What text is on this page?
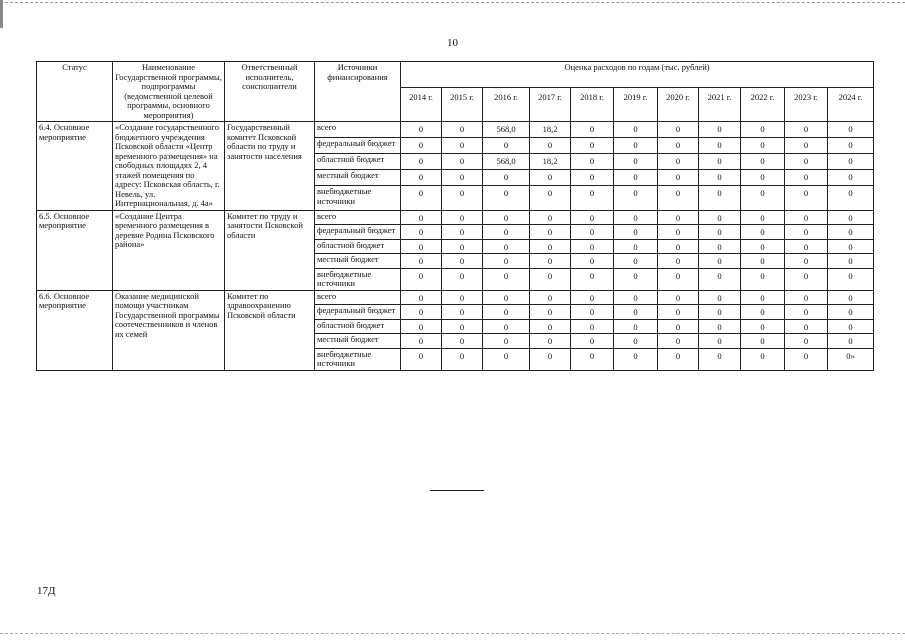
10
Статус	Наименование Государственной программы, подпрограммы (ведомственной целевой программы, основного мероприятия)	Ответственный исполнитель, соисполнители	Источники финансирования	Оценка расходов по годам (тыс. рублей)										
				2014 г.	2015 г.	2016 г.	2017 г.	2018 г.	2019 г.	2020 г.	2021 г.	2022 г.	2023 г.	2024 г.
6.4. Основное мероприятие	«Создание государственного бюджетного учреждения Псковской области «Центр временного размещения» на свободных площадях 2, 4 этажей помещения по адресу: Псковская область, г. Невель, ул. Интернациональная, д. 4а»	Государственный комитет Псковской области по труду и занятости населения	всего	0	0	568,0	18,2	0	0	0	0	0	0	0
			федеральный бюджет	0	0	0	0	0	0	0	0	0	0	0
			областной бюджет	0	0	568,0	18,2	0	0	0	0	0	0	0
			местный бюджет	0	0	0	0	0	0	0	0	0	0	0
			внебюджетные источники	0	0	0	0	0	0	0	0	0	0	0
6.5. Основное мероприятие	«Создание Центра временного размещения в деревне Родина Псковского района»	Комитет по труду и занятости Псковской области	всего	0	0	0	0	0	0	0	0	0	0	0
			федеральный бюджет	0	0	0	0	0	0	0	0	0	0	0
			областной бюджет	0	0	0	0	0	0	0	0	0	0	0
			местный бюджет	0	0	0	0	0	0	0	0	0	0	0
			внебюджетные источники	0	0	0	0	0	0	0	0	0	0	0
6.6. Основное мероприятие	Оказание медицинской помощи участникам Государственной программы соотечественников и членов их семей	Комитет по здравоохранению Псковской области	всего	0	0	0	0	0	0	0	0	0	0	0
			федеральный бюджет	0	0	0	0	0	0	0	0	0	0	0
			областной бюджет	0	0	0	0	0	0	0	0	0	0	0
			местный бюджет	0	0	0	0	0	0	0	0	0	0	0
			внебюджетные источники	0	0	0	0	0	0	0	0	0	0	0»
17Д
